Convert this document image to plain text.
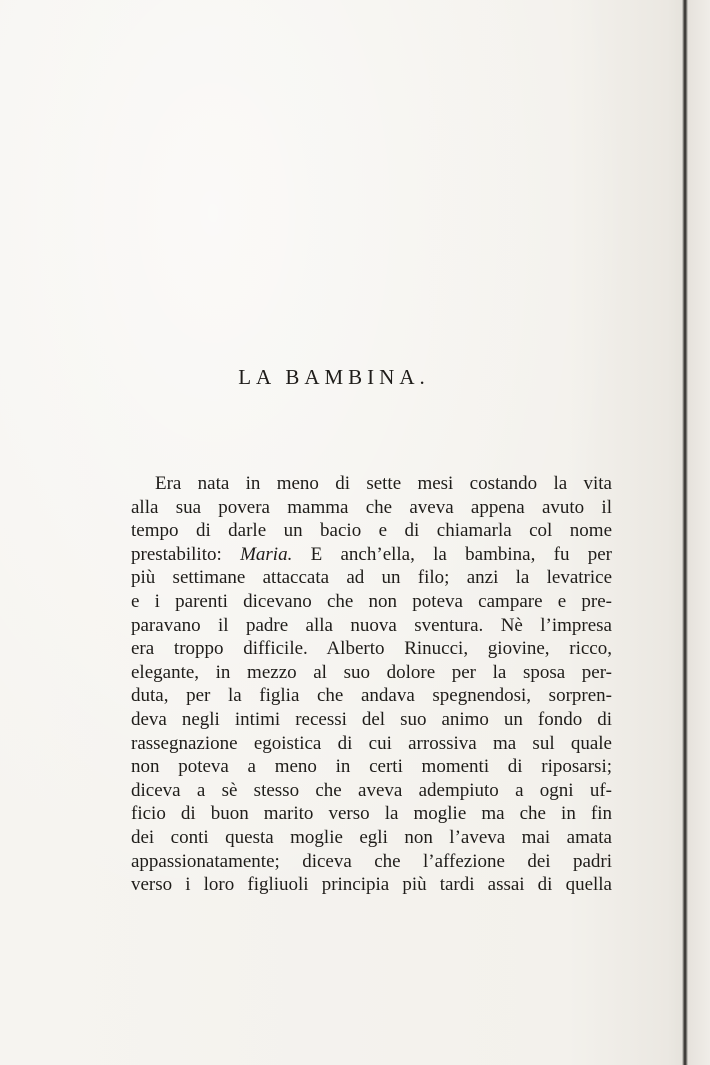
LA BAMBINA.
Era nata in meno di sette mesi costando la vita
alla sua povera mamma che aveva appena avuto il
tempo di darle un bacio e di chiamarla col nome
prestabilito: Maria. E anch’ella, la bambina, fu per
più settimane attaccata ad un filo; anzi la levatrice
e i parenti dicevano che non poteva campare e pre-
paravano il padre alla nuova sventura. Nè l’impresa
era troppo difficile. Alberto Rinucci, giovine, ricco,
elegante, in mezzo al suo dolore per la sposa per-
duta, per la figlia che andava spegnendosi, sorpren-
deva negli intimi recessi del suo animo un fondo di
rassegnazione egoistica di cui arrossiva ma sul quale
non poteva a meno in certi momenti di riposarsi;
diceva a sè stesso che aveva adempiuto a ogni uf-
ficio di buon marito verso la moglie ma che in fin
dei conti questa moglie egli non l’aveva mai amata
appassionatamente; diceva che l’affezione dei padri
verso i loro figliuoli principia più tardi assai di quella
